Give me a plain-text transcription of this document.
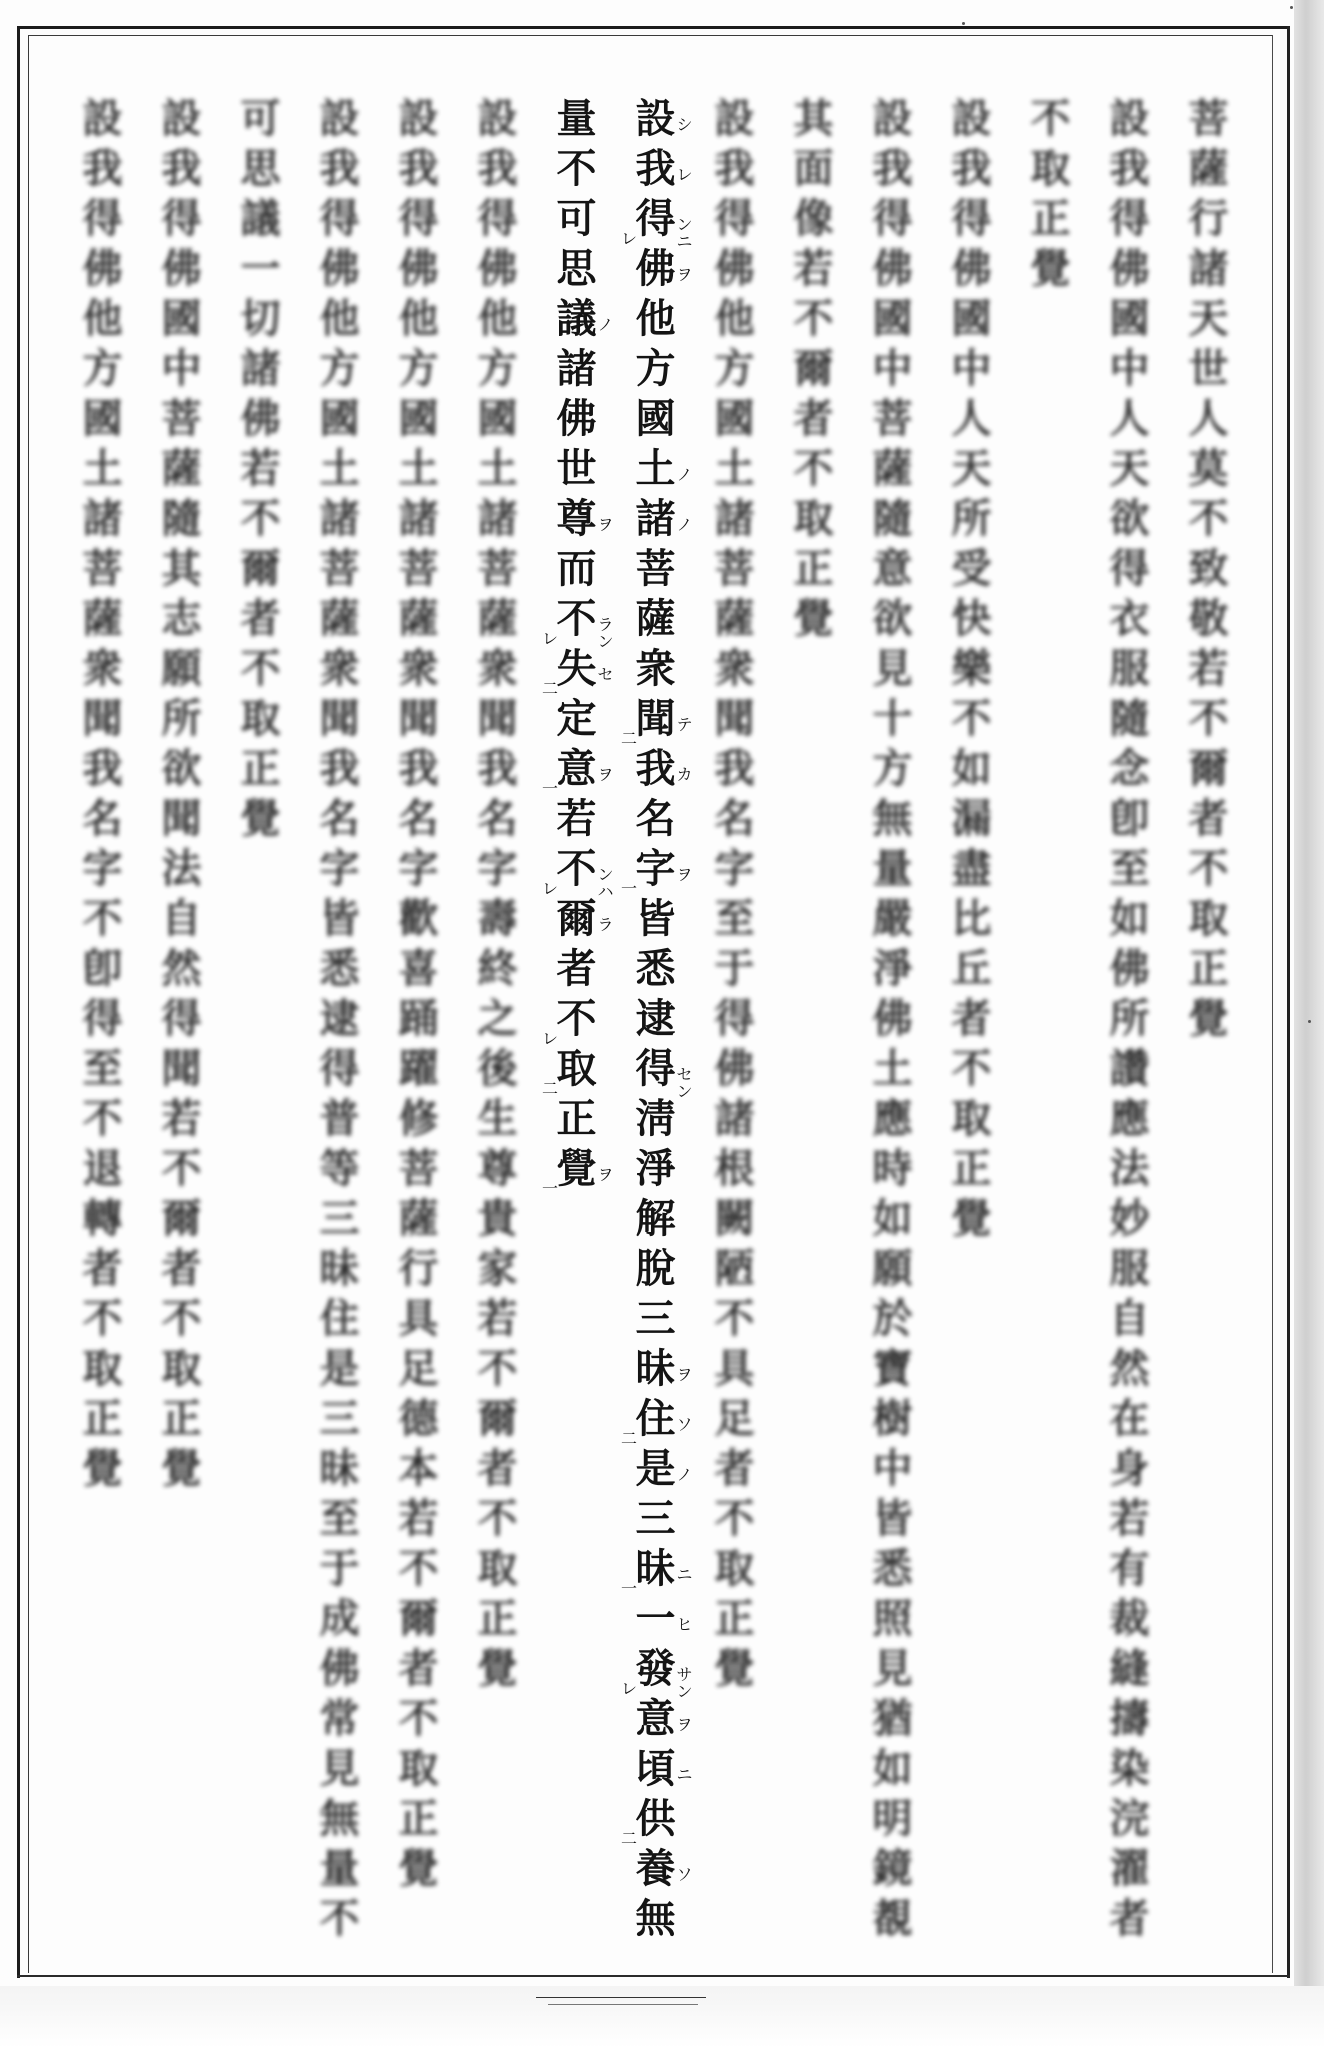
菩
薩
行
諸
天
世
人
莫
不
致
敬
若
不
爾
者
不
取
正
覺
設
我
得
佛
國
中
人
天
欲
得
衣
服
隨
念
卽
至
如
佛
所
讚
應
法
妙
服
自
然
在
身
若
有
裁
縫
擣
染
浣
濯
者
不
取
正
覺
設
我
得
佛
國
中
人
天
所
受
快
樂
不
如
漏
盡
比
丘
者
不
取
正
覺
設
我
得
佛
國
中
菩
薩
隨
意
欲
見
十
方
無
量
嚴
淨
佛
土
應
時
如
願
於
寶
樹
中
皆
悉
照
見
猶
如
明
鏡
覩
其
面
像
若
不
爾
者
不
取
正
覺
設
我
得
佛
他
方
國
土
諸
菩
薩
衆
聞
我
名
字
至
于
得
佛
諸
根
闕
陋
不
具
足
者
不
取
正
覺
設 シ
我 レ
得 ンニ
レ
佛 ヲ
他
方
國
土 ノ
諸 ノ
菩
薩
衆
聞 テ
二
我 カ
名
字 ヲ
一
皆
悉
逮
得 セン
淸
淨
解
脫
三
昧 ヲ
住 ソ
二
是 ノ
三
昧 ニ
一
一 ヒ
發 サン
レ
意 ヲ
頃 ニ
供
二
養 ソ
無
量
不
可
思
議 ノ
諸
佛
世
尊 ヲ
而
不 ラン
レ
失 セ
二
定
意 ヲ
一
若
不 ンハ
レ
爾 ラ
者
不
レ
取
二
正
覺 ヲ
一
設
我
得
佛
他
方
國
土
諸
菩
薩
衆
聞
我
名
字
壽
終
之
後
生
尊
貴
家
若
不
爾
者
不
取
正
覺
設
我
得
佛
他
方
國
土
諸
菩
薩
衆
聞
我
名
字
歡
喜
踊
躍
修
菩
薩
行
具
足
德
本
若
不
爾
者
不
取
正
覺
設
我
得
佛
他
方
國
土
諸
菩
薩
衆
聞
我
名
字
皆
悉
逮
得
普
等
三
昧
住
是
三
昧
至
于
成
佛
常
見
無
量
不
可
思
議
一
切
諸
佛
若
不
爾
者
不
取
正
覺
設
我
得
佛
國
中
菩
薩
隨
其
志
願
所
欲
聞
法
自
然
得
聞
若
不
爾
者
不
取
正
覺
設
我
得
佛
他
方
國
土
諸
菩
薩
衆
聞
我
名
字
不
卽
得
至
不
退
轉
者
不
取
正
覺
